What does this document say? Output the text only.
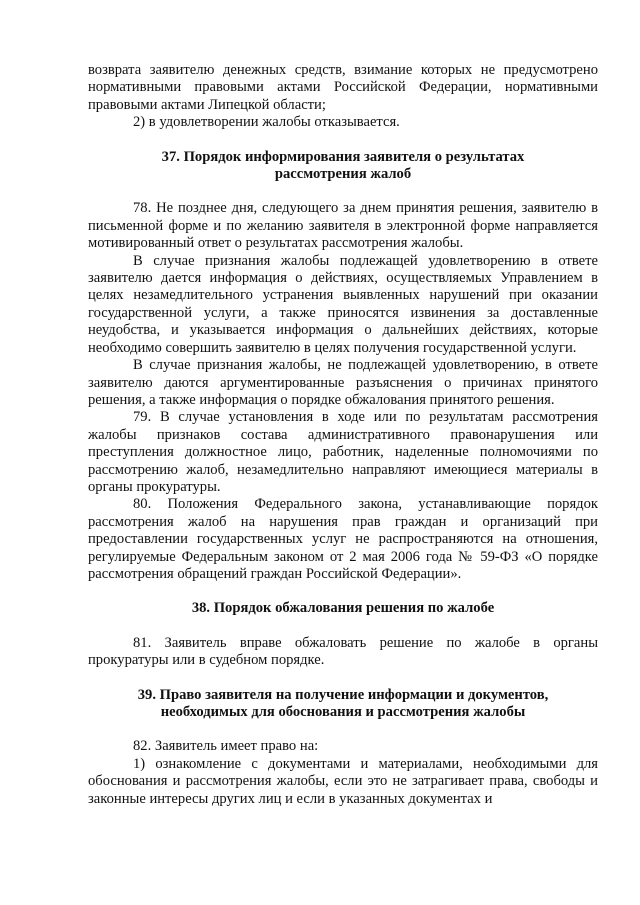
возврата заявителю денежных средств, взимание которых не предусмотрено нормативными правовыми актами Российской Федерации, нормативными правовыми актами Липецкой области;

2) в удовлетворении жалобы отказывается.

37. Порядок информирования заявителя о результатах рассмотрения жалоб

78. Не позднее дня, следующего за днем принятия решения, заявителю в письменной форме и по желанию заявителя в электронной форме направляется мотивированный ответ о результатах рассмотрения жалобы.

В случае признания жалобы подлежащей удовлетворению в ответе заявителю дается информация о действиях, осуществляемых Управлением в целях незамедлительного устранения выявленных нарушений при оказании государственной услуги, а также приносятся извинения за доставленные неудобства, и указывается информация о дальнейших действиях, которые необходимо совершить заявителю в целях получения государственной услуги.

В случае признания жалобы, не подлежащей удовлетворению, в ответе заявителю даются аргументированные разъяснения о причинах принятого решения, а также информация о порядке обжалования принятого решения.

79. В случае установления в ходе или по результатам рассмотрения жалобы признаков состава административного правонарушения или преступления должностное лицо, работник, наделенные полномочиями по рассмотрению жалоб, незамедлительно направляют имеющиеся материалы в органы прокуратуры.

80. Положения Федерального закона, устанавливающие порядок рассмотрения жалоб на нарушения прав граждан и организаций при предоставлении государственных услуг не распространяются на отношения, регулируемые Федеральным законом от 2 мая 2006 года № 59-ФЗ «О порядке рассмотрения обращений граждан Российской Федерации».

38. Порядок обжалования решения по жалобе

81. Заявитель вправе обжаловать решение по жалобе в органы прокуратуры или в судебном порядке.

39. Право заявителя на получение информации и документов, необходимых для обоснования и рассмотрения жалобы

82. Заявитель имеет право на:

1) ознакомление с документами и материалами, необходимыми для обоснования и рассмотрения жалобы, если это не затрагивает права, свободы и законные интересы других лиц и если в указанных документах и
